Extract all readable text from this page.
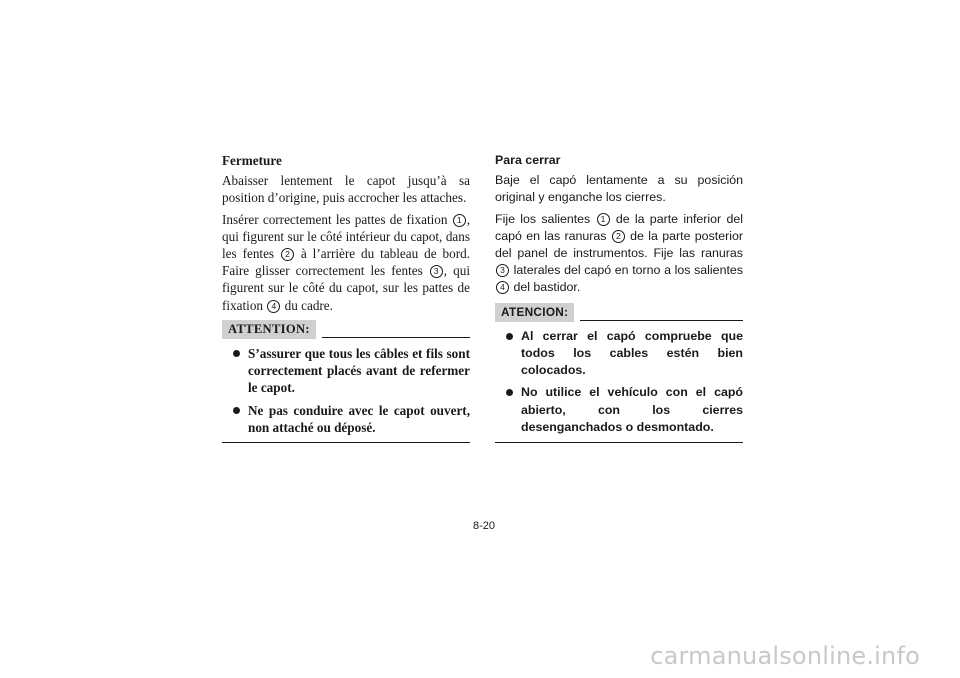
Fermeture

Abaisser lentement le capot jusqu’à sa position d’origine, puis accrocher les attaches.

Insérer correctement les pattes de fixation 1 , qui figurent sur le côté intérieur du capot, dans les fentes 2 à l’arrière du tableau de bord. Faire glisser correctement les fentes 3 , qui figurent sur le côté du capot, sur les pattes de fixation 4 du cadre.

ATTENTION:
S’assurer que tous les câbles et fils sont correctement placés avant de refermer le capot.
Ne pas conduire avec le capot ouvert, non attaché ou déposé.
Para cerrar

Baje el capó lentamente a su posición original y enganche los cierres.

Fije los salientes 1 de la parte inferior del capó en las ranuras 2 de la parte posterior del panel de instrumentos. Fije las ranuras 3 laterales del capó en torno a los salientes 4 del bastidor.

ATENCION:
Al cerrar el capó compruebe que todos los cables estén bien colocados.
No utilice el vehículo con el capó abierto, con los cierres desenganchados o desmontado.
8-20
carmanualsonline.info
